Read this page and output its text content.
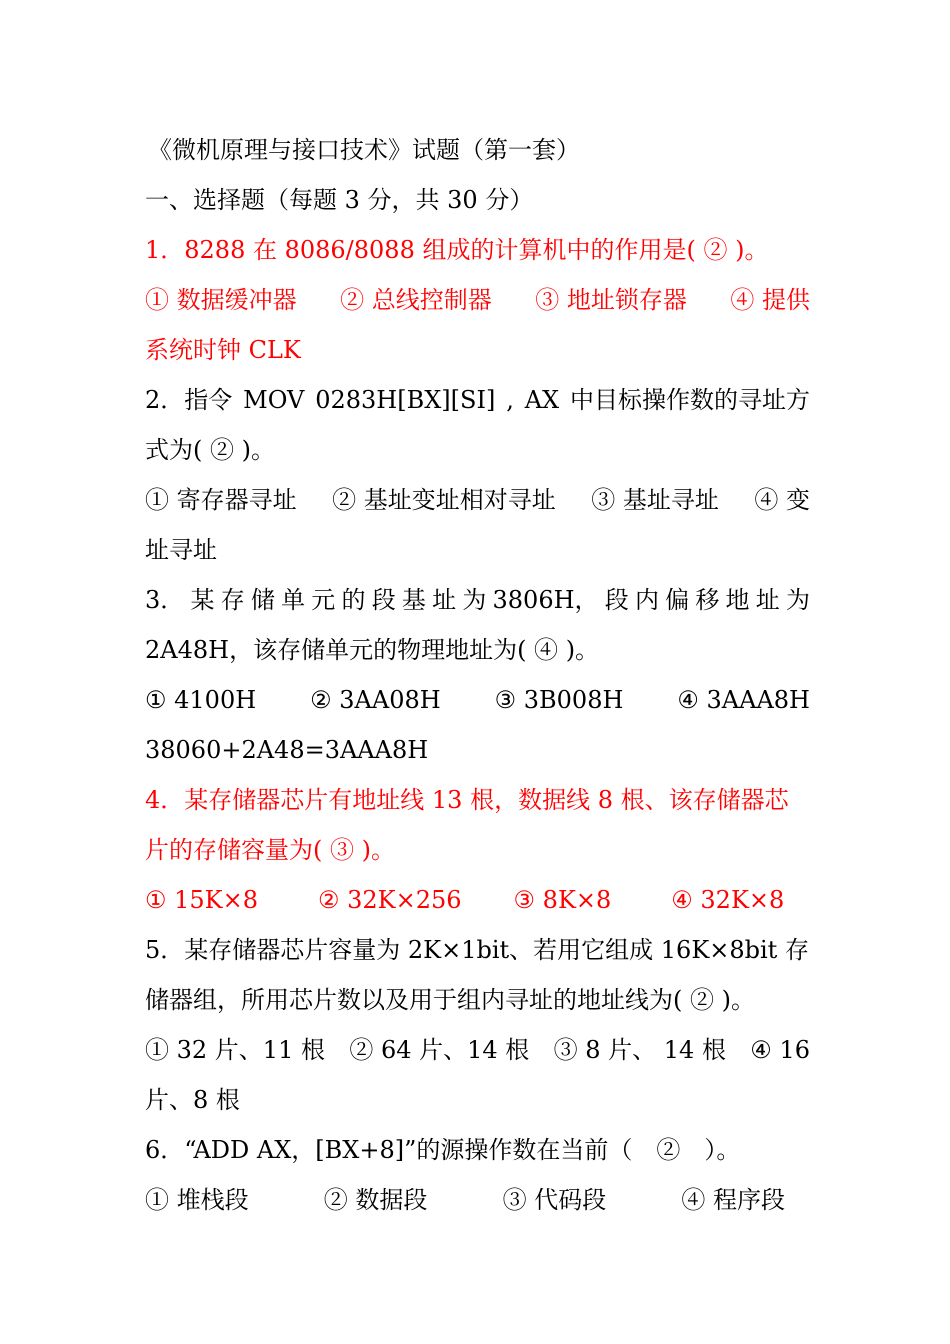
《微机原理与接口技术》试题（第一套）
一、选择题（每题 3 分，共 30 分）
1．8288 在 8086/8088 组成的计算机中的作用是( ② )。
① 数据缓冲器 ② 总线控制器 ③ 地址锁存器 ④ 提供
系统时钟 CLK
2．指令 MOV 0283H[BX][SI] , AX 中目标操作数的寻址方
式为( ② )。
① 寄存器寻址 ② 基址变址相对寻址 ③ 基址寻址 ④ 变
址寻址
3． 某 存 储 单 元 的 段 基 址 为 3806H， 段 内 偏 移 地 址 为
2A48H，该存储单元的物理地址为( ④ )。
① 4100H ② 3AA08H ③ 3B008H ④ 3AAA8H
38060+2A48=3AAA8H
4．某存储器芯片有地址线 13 根，数据线 8 根、该存储器芯
片的存储容量为( ③ )。
① 15K×8	② 32K×256 ③ 8K×8	④ 32K×8
5．某存储器芯片容量为 2K×1bit、若用它组成 16K×8bit 存
储器组，所用芯片数以及用于组内寻址的地址线为( ② )。
① 32 片、11 根 ② 64 片、14 根 ③ 8 片、 14 根 ④ 16
片、8 根
6．“ADD AX，[BX+8]”的源操作数在当前（　②　）。
① 堆栈段	② 数据段	③ 代码段	④ 程序段
